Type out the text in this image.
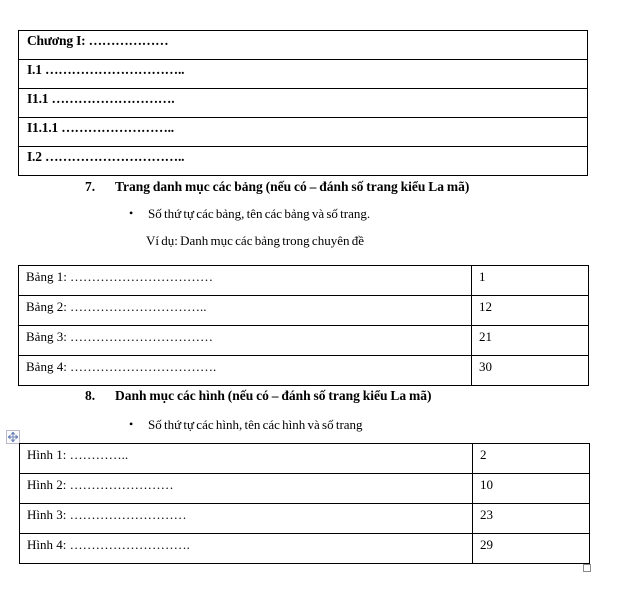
Chương I: ………………
I.1 …………………………..
I1.1 ……………………….
I1.1.1 ……………………..
I.2 …………………………..
7.	Trang danh mục các bảng (nếu có – đánh số trang kiểu La mã)
•	Số thứ tự các bảng, tên các bảng và số trang.
Ví dụ: Danh mục các bảng trong chuyên đề
Bảng 1: ……………………………	1
Bảng 2: …………………………..	12
Bảng 3: ……………………………	21
Bảng 4: …………………………….	30
8.	Danh mục các hình (nếu có – đánh số trang kiểu La mã)
•	Số thứ tự các hình, tên các hình và số trang
Hình 1: …………..	2
Hình 2: ……………………	10
Hình 3: ………………………	23
Hình 4: ……………………….	29
